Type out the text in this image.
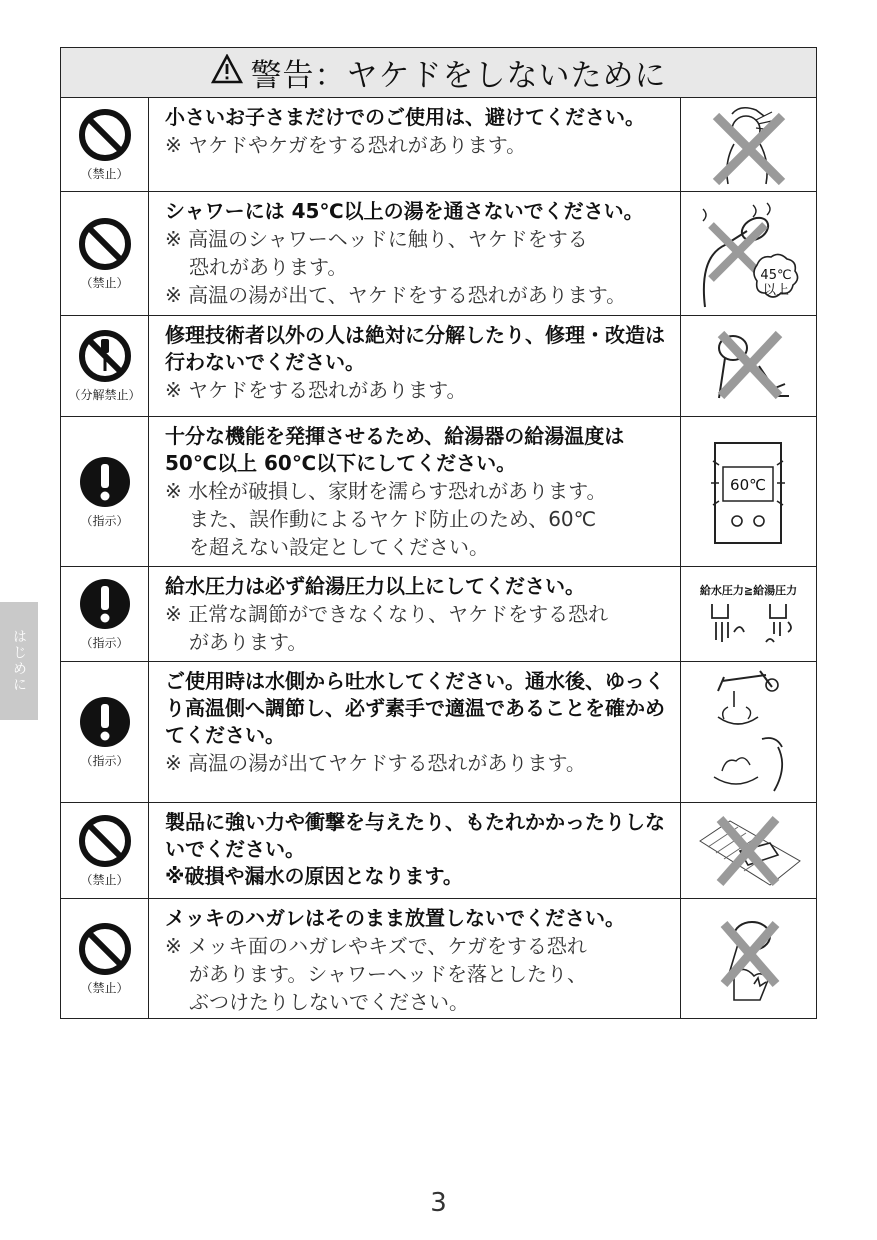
はじめに
警告：ヤケドをしないために
（禁止）
小さいお子さまだけでのご使用は、避けてください。
※ ヤケドやケガをする恐れがあります。
（禁止）
シャワーには 45℃以上の湯を通さないでください。
※ 高温のシャワーヘッドに触り、ヤケドをする
恐れがあります。
※ 高温の湯が出て、ヤケドをする恐れがあります。
45℃
以上
（分解禁止）
修理技術者以外の人は絶対に分解したり、修理・改造は行わないでください。
※ ヤケドをする恐れがあります。
（指示）
十分な機能を発揮させるため、給湯器の給湯温度は 50℃以上 60℃以下にしてください。
※ 水栓が破損し、家財を濡らす恐れがあります。
また、誤作動によるヤケド防止のため、60℃
を超えない設定としてください。
60℃
（指示）
給水圧力は必ず給湯圧力以上にしてください。
※ 正常な調節ができなくなり、ヤケドをする恐れ
があります。
給水圧力≧給湯圧力
（指示）
ご使用時は水側から吐水してください。通水後、ゆっくり高温側へ調節し、必ず素手で適温であることを確かめてください。
※ 高温の湯が出てヤケドする恐れがあります。
（禁止）
製品に強い力や衝撃を与えたり、もたれかかったりしないでください。
※破損や漏水の原因となります。
（禁止）
メッキのハガレはそのまま放置しないでください。
※ メッキ面のハガレやキズで、ケガをする恐れ
があります。シャワーヘッドを落としたり、
ぶつけたりしないでください。
3
